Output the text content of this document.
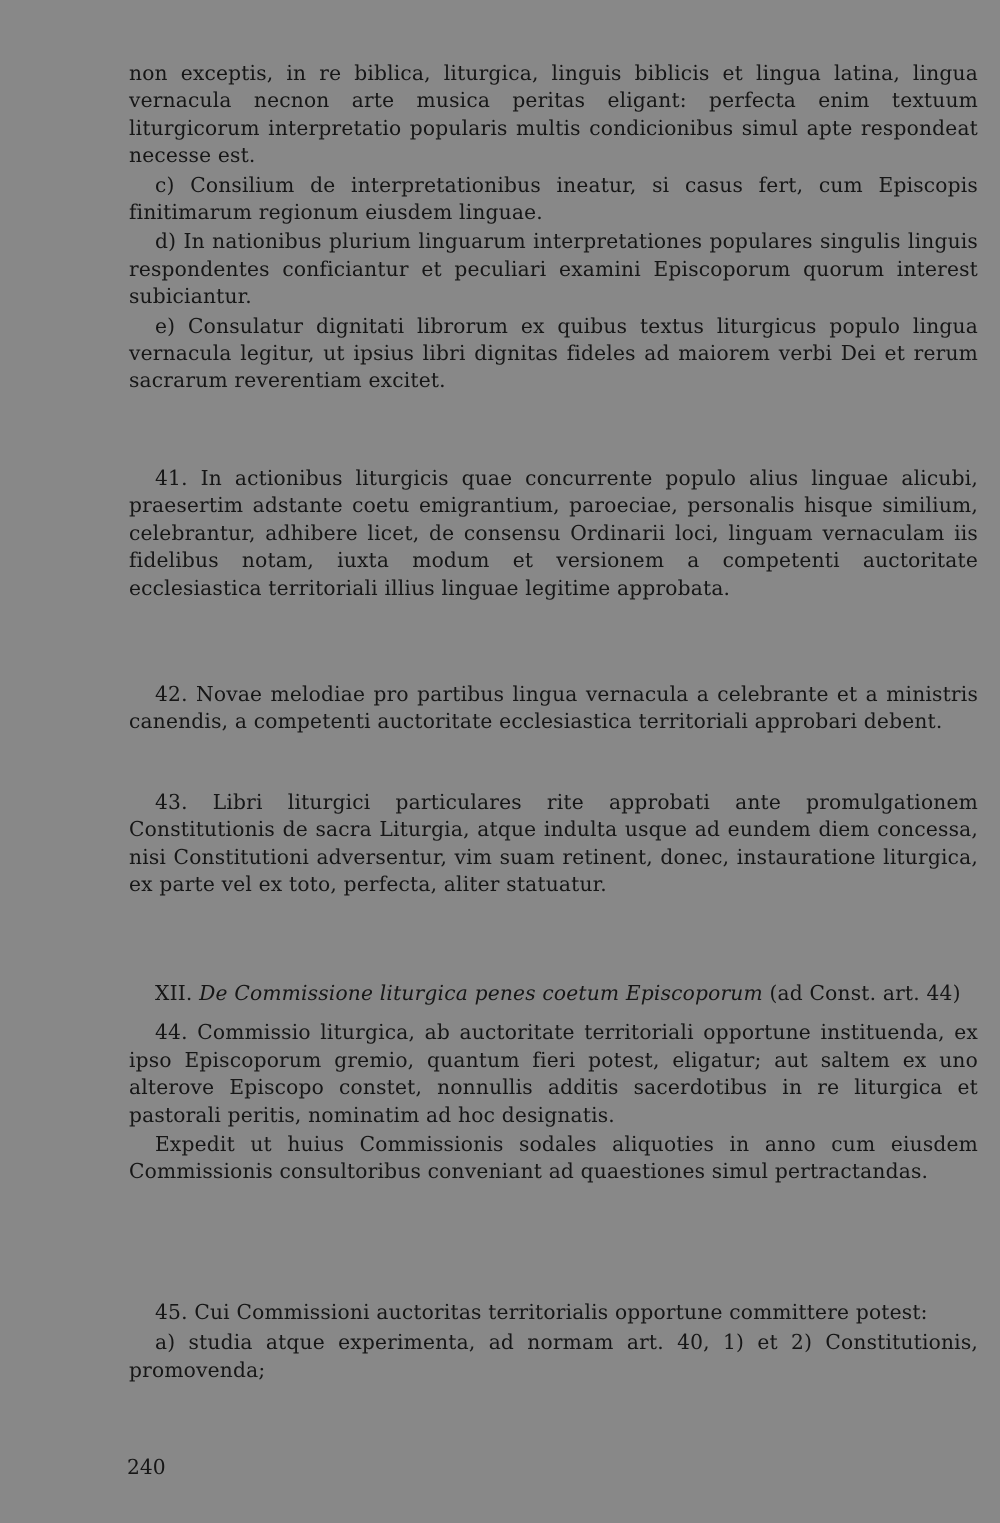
non exceptis, in re biblica, liturgica, linguis biblicis et lingua latina, lingua vernacula necnon arte musica peritas eligant: perfecta enim textuum liturgicorum interpretatio popularis multis condicionibus simul apte respondeat necesse est.

c) Consilium de interpretationibus ineatur, si casus fert, cum Episcopis finitimarum regionum eiusdem linguae.

d) In nationibus plurium linguarum interpretationes populares singulis linguis respondentes conficiantur et peculiari examini Episcoporum quorum interest subiciantur.

e) Consulatur dignitati librorum ex quibus textus liturgicus populo lingua vernacula legitur, ut ipsius libri dignitas fideles ad maiorem verbi Dei et rerum sacrarum reverentiam excitet.

41. In actionibus liturgicis quae concurrente populo alius linguae alicubi, praesertim adstante coetu emigrantium, paroeciae, personalis hisque similium, celebrantur, adhibere licet, de consensu Ordinarii loci, linguam vernaculam iis fidelibus notam, iuxta modum et versionem a competenti auctoritate ecclesiastica territoriali illius linguae legitime approbata.

42. Novae melodiae pro partibus lingua vernacula a celebrante et a ministris canendis, a competenti auctoritate ecclesiastica territoriali approbari debent.

43. Libri liturgici particulares rite approbati ante promulgationem Constitutionis de sacra Liturgia, atque indulta usque ad eundem diem concessa, nisi Constitutioni adversentur, vim suam retinent, donec, instauratione liturgica, ex parte vel ex toto, perfecta, aliter statuatur.

XII. De Commissione liturgica penes coetum Episcoporum (ad Const. art. 44)

44. Commissio liturgica, ab auctoritate territoriali opportune instituenda, ex ipso Episcoporum gremio, quantum fieri potest, eligatur; aut saltem ex uno alterove Episcopo constet, nonnullis additis sacerdotibus in re liturgica et pastorali peritis, nominatim ad hoc designatis.

Expedit ut huius Commissionis sodales aliquoties in anno cum eiusdem Commissionis consultoribus conveniant ad quaestiones simul pertractandas.

45. Cui Commissioni auctoritas territorialis opportune committere potest:

a) studia atque experimenta, ad normam art. 40, 1) et 2) Constitutionis, promovenda;

240
